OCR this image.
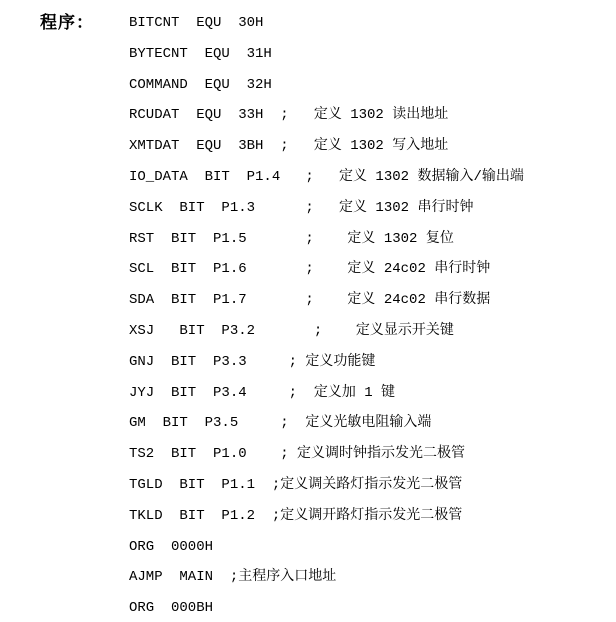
程序：	BITCNT  EQU  30H
BYTECNT  EQU  31H
COMMAND  EQU  32H
RCUDAT  EQU  33H  ;   定义 1302 读出地址
XMTDAT  EQU  3BH  ;   定义 1302 写入地址
IO_DATA  BIT  P1.4   ;   定义 1302 数据输入/输出端
SCLK  BIT  P1.3      ;   定义 1302 串行时钟
RST  BIT  P1.5       ;    定义 1302 复位
SCL  BIT  P1.6       ;    定义 24c02 串行时钟
SDA  BIT  P1.7       ;    定义 24c02 串行数据
XSJ   BIT  P3.2       ;    定义显示开关键
GNJ  BIT  P3.3     ; 定义功能键
JYJ  BIT  P3.4     ;  定义加 1 键
GM  BIT  P3.5     ;  定义光敏电阻输入端
TS2  BIT  P1.0    ; 定义调时钟指示发光二极管
TGLD  BIT  P1.1  ;定义调关路灯指示发光二极管
TKLD  BIT  P1.2  ;定义调开路灯指示发光二极管
ORG  0000H
AJMP  MAIN  ;主程序入口地址
ORG  000BH
